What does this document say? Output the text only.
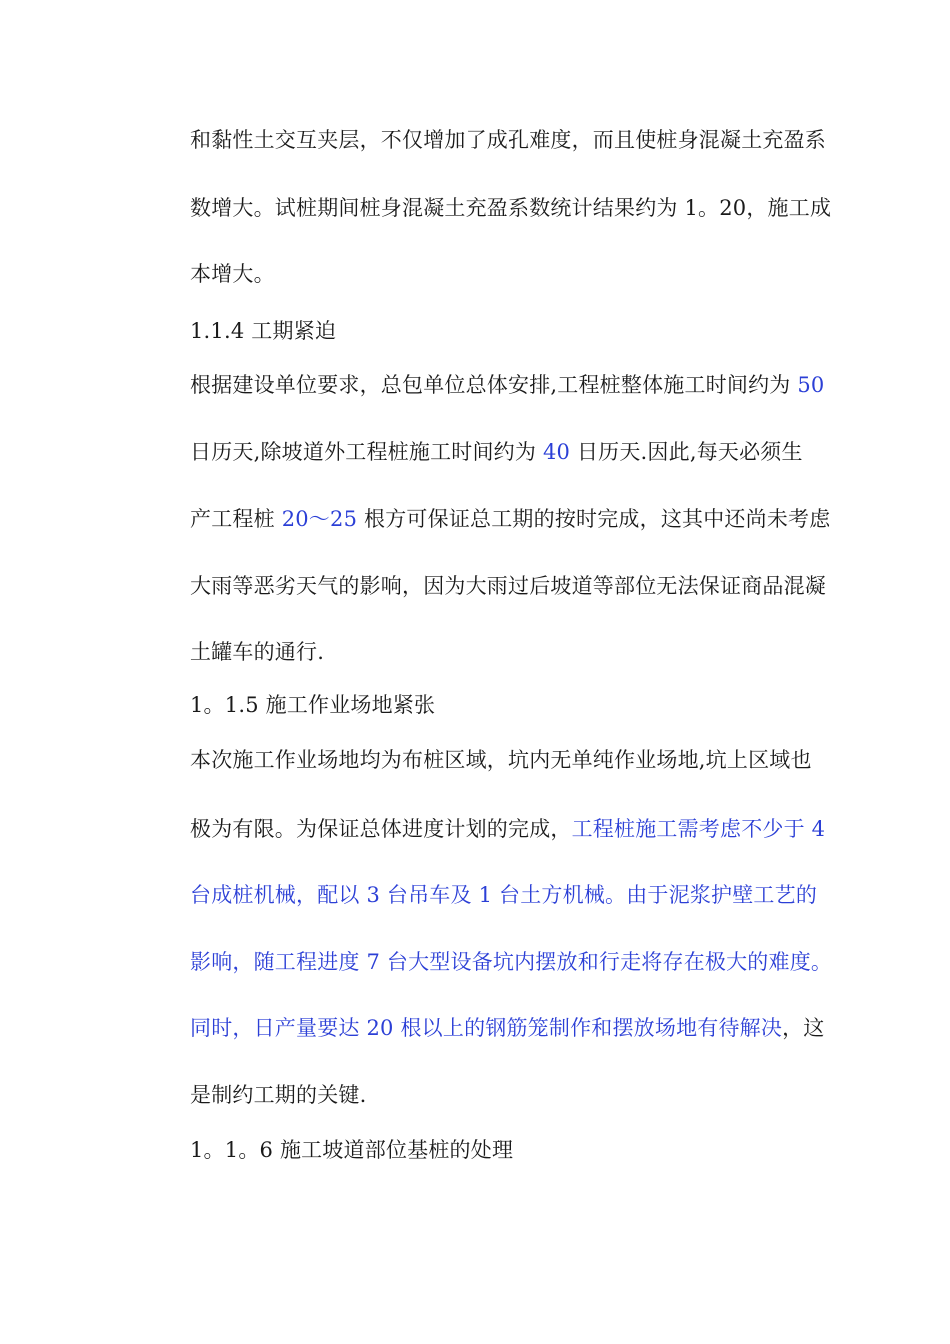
和黏性土交互夹层，不仅增加了成孔难度，而且使桩身混凝土充盈系
数增大。试桩期间桩身混凝土充盈系数统计结果约为 1。20，施工成
本增大。
1.1.4 工期紧迫
根据建设单位要求，总包单位总体安排,工程桩整体施工时间约为 50
日历天,除坡道外工程桩施工时间约为 40 日历天.因此,每天必须生
产工程桩 20～25 根方可保证总工期的按时完成，这其中还尚未考虑
大雨等恶劣天气的影响，因为大雨过后坡道等部位无法保证商品混凝
土罐车的通行.
1。1.5 施工作业场地紧张
本次施工作业场地均为布桩区域，坑内无单纯作业场地,坑上区域也
极为有限。为保证总体进度计划的完成，工程桩施工需考虑不少于 4
台成桩机械，配以 3 台吊车及 1 台土方机械。由于泥浆护壁工艺的
影响，随工程进度 7 台大型设备坑内摆放和行走将存在极大的难度。
同时，日产量要达 20 根以上的钢筋笼制作和摆放场地有待解决，这
是制约工期的关键.
1。1。6 施工坡道部位基桩的处理
